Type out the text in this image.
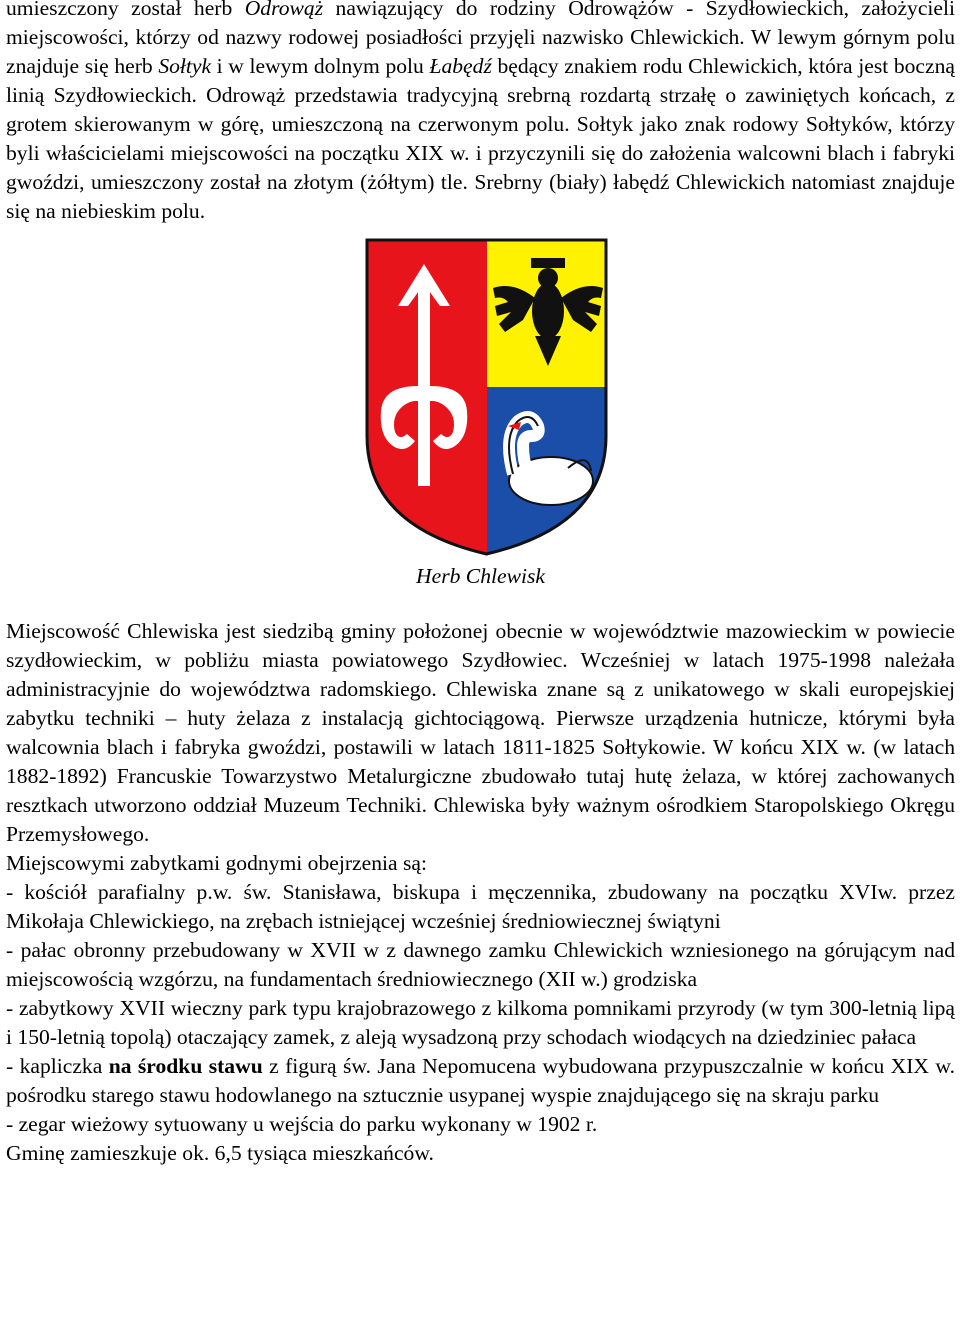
umieszczony został herb Odrowąż nawiązujący do rodziny Odrowążów - Szydłowieckich, założycieli miejscowości, którzy od nazwy rodowej posiadłości przyjęli nazwisko Chlewickich. W lewym górnym polu znajduje się herb Sołtyk i w lewym dolnym polu Łabędź będący znakiem rodu Chlewickich, która jest boczną linią Szydłowieckich. Odrowąż przedstawia tradycyjną srebrną rozdartą strzałę o zawiniętych końcach, z grotem skierowanym w górę, umieszczoną na czerwonym polu. Sołtyk jako znak rodowy Sołtyków, którzy byli właścicielami miejscowości na początku XIX w. i przyczynili się do założenia walcowni blach i fabryki gwoździ, umieszczony został na złotym (żółtym) tle. Srebrny (biały) łabędź Chlewickich natomiast znajduje się na niebieskim polu.

Herb Chlewisk

Miejscowość Chlewiska jest siedzibą gminy położonej obecnie w województwie mazowieckim w powiecie szydłowieckim, w pobliżu miasta powiatowego Szydłowiec. Wcześniej w latach 1975-1998 należała administracyjnie do województwa radomskiego. Chlewiska znane są z unikatowego w skali europejskiej zabytku techniki – huty żelaza z instalacją gichtociągową. Pierwsze urządzenia hutnicze, którymi była walcownia blach i fabryka gwoździ, postawili w latach 1811-1825 Sołtykowie. W końcu XIX w. (w latach 1882-1892) Francuskie Towarzystwo Metalurgiczne zbudowało tutaj hutę żelaza, w której zachowanych resztkach utworzono oddział Muzeum Techniki. Chlewiska były ważnym ośrodkiem Staropolskiego Okręgu Przemysłowego.

Miejscowymi zabytkami godnymi obejrzenia są:

- kościół parafialny p.w. św. Stanisława, biskupa i męczennika, zbudowany na początku XVIw. przez Mikołaja Chlewickiego, na zrębach istniejącej wcześniej średniowiecznej świątyni

- pałac obronny przebudowany w XVII w z dawnego zamku Chlewickich wzniesionego na górującym nad miejscowością wzgórzu, na fundamentach średniowiecznego (XII w.) grodziska

- zabytkowy XVII wieczny park typu krajobrazowego z kilkoma pomnikami przyrody (w tym 300-letnią lipą i 150-letnią topolą) otaczający zamek, z aleją wysadzoną przy schodach wiodących na dziedziniec pałaca

- kapliczka na środku stawu z figurą św. Jana Nepomucena wybudowana przypuszczalnie w końcu XIX w. pośrodku starego stawu hodowlanego na sztucznie usypanej wyspie znajdującego się na skraju parku

- zegar wieżowy sytuowany u wejścia do parku wykonany w 1902 r.

Gminę zamieszkuje ok. 6,5 tysiąca mieszkańców.
